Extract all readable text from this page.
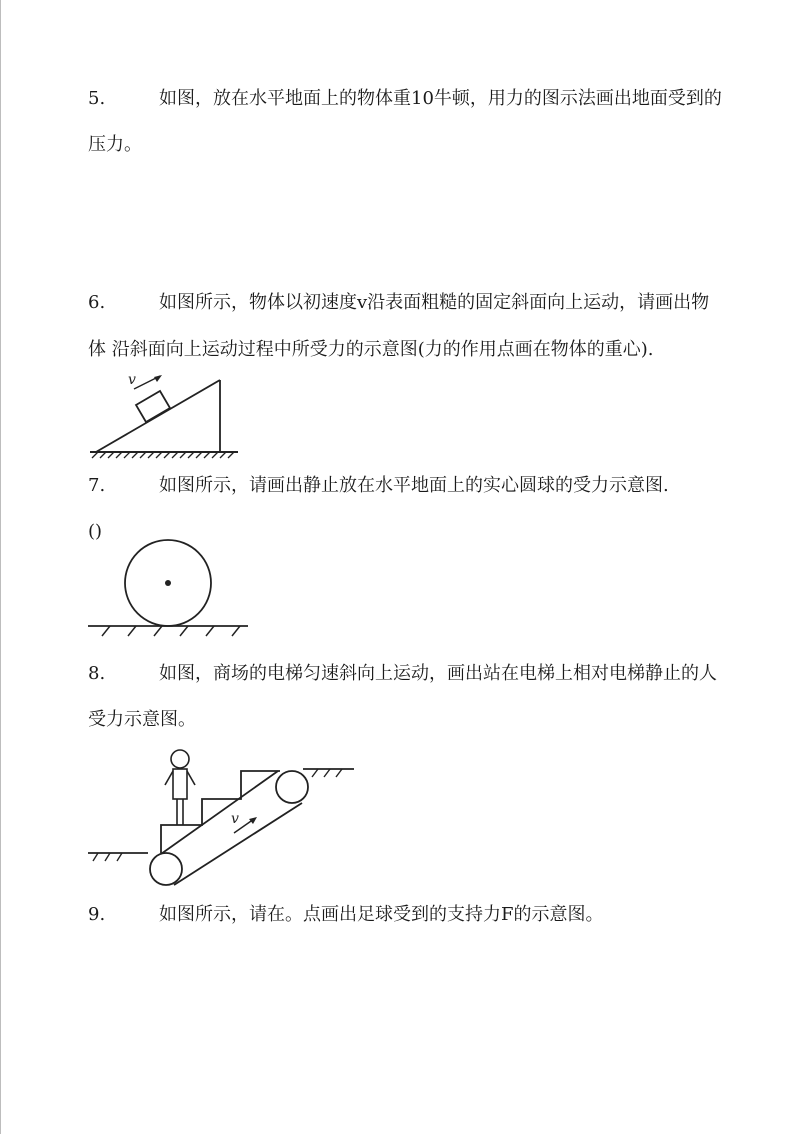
5.	如图，放在水平地面上的物体重10牛顿，用力的图示法画出地面受到的
压力。
6.	如图所示，物体以初速度v沿表面粗糙的固定斜面向上运动，请画出物
体 沿斜面向上运动过程中所受力的示意图(力的作用点画在物体的重心).
v
7.	如图所示，请画出静止放在水平地面上的实心圆球的受力示意图.
()
8.	如图，商场的电梯匀速斜向上运动，画出站在电梯上相对电梯静止的人
受力示意图。
v
9.	如图所示，请在。点画出足球受到的支持力F的示意图。
